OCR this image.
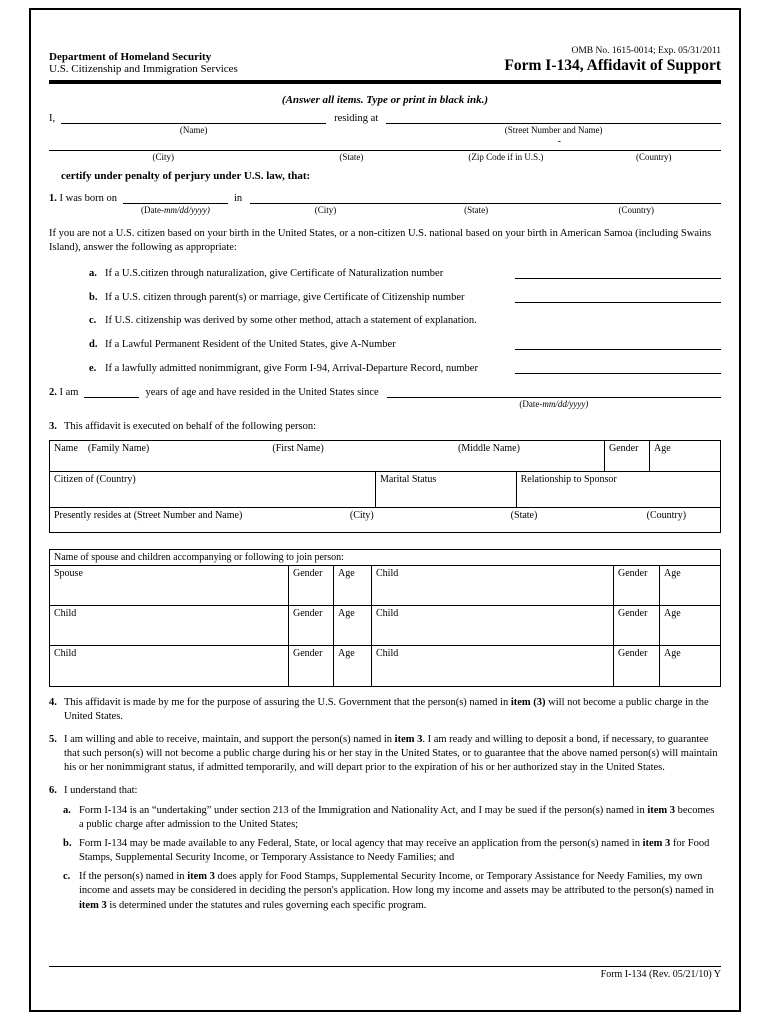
Department of Homeland Security
U.S. Citizenship and Immigration Services
OMB No. 1615-0014; Exp. 05/31/2011
Form I-134, Affidavit of Support
(Answer all items. Type or print in black ink.)
I,
(Name)
residing at
(Street Number and Name)
-
(City)	(State)	(Zip Code if in U.S.)	(Country)
certify under penalty of perjury under U.S. law, that:
1. I was born on
(Date-mm/dd/yyyy)
in
(City)	(State)	(Country)
If you are not a U.S. citizen based on your birth in the United States, or a non-citizen U.S. national based on your birth in American Samoa (including Swains Island), answer the following as appropriate:
a. If a U.S.citizen through naturalization, give Certificate of Naturalization number
b. If a U.S. citizen through parent(s) or marriage, give Certificate of Citizenship number
c. If U.S. citizenship was derived by some other method, attach a statement of explanation.
d. If a Lawful Permanent Resident of the United States, give A-Number
e. If a lawfully admitted nonimmigrant, give Form I-94, Arrival-Departure Record, number
2. I am	years of age and have resided in the United States since
(Date-mm/dd/yyyy)
3. This affidavit is executed on behalf of the following person:
Name (Family Name)	(First Name)	(Middle Name)	Gender	Age
Citizen of (Country)	Marital Status	Relationship to Sponsor
Presently resides at (Street Number and Name)	(City)	(State)	(Country)
Name of spouse and children accompanying or following to join person:
Spouse	Gender	Age	Child	Gender	Age
Child	Gender	Age	Child	Gender	Age
Child	Gender	Age	Child	Gender	Age
4. This affidavit is made by me for the purpose of assuring the U.S. Government that the person(s) named in item (3) will not become a public charge in the United States.
5. I am willing and able to receive, maintain, and support the person(s) named in item 3. I am ready and willing to deposit a bond, if necessary, to guarantee that such person(s) will not become a public charge during his or her stay in the United States, or to guarantee that the above named person(s) will maintain his or her nonimmigrant status, if admitted temporarily, and will depart prior to the expiration of his or her authorized stay in the United States.
6. I understand that:
a. Form I-134 is an “undertaking” under section 213 of the Immigration and Nationality Act, and I may be sued if the person(s) named in item 3 becomes a public charge after admission to the United States;
b. Form I-134 may be made available to any Federal, State, or local agency that may receive an application from the person(s) named in item 3 for Food Stamps, Supplemental Security Income, or Temporary Assistance to Needy Families; and
c. If the person(s) named in item 3 does apply for Food Stamps, Supplemental Security Income, or Temporary Assistance for Needy Families, my own income and assets may be considered in deciding the person's application. How long my income and assets may be attributed to the person(s) named in item 3 is determined under the statutes and rules governing each specific program.
Form I-134 (Rev. 05/21/10) Y
